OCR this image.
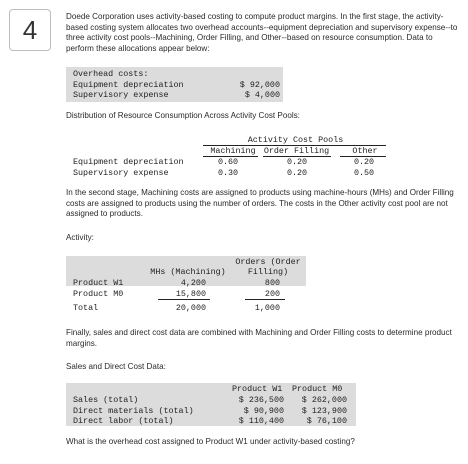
4	Doede Corporation uses activity-based costing to compute product margins. In the first stage, the activity-based costing system allocates two overhead accounts--equipment depreciation and supervisory expense--to three activity cost pools--Machining, Order Filling, and Other--based on resource consumption. Data to perform these allocations appear below:
Overhead costs:
Equipment depreciation	$ 92,000
Supervisory expense	$ 4,000
Distribution of Resource Consumption Across Activity Cost Pools:
Activity Cost Pools
Machining Order Filling	Other
Equipment depreciation	0.60	0.20	0.20
Supervisory expense	0.30	0.20	0.50
In the second stage, Machining costs are assigned to products using machine-hours (MHs) and Order Filling costs are assigned to products using the number of orders. The costs in the Other activity cost pool are not assigned to products.
Activity:
Orders (Order
MHs (Machining)	Filling)
Product W1	4,200	800
Product M0	15,800	200
Total	20,000	1,000
Finally, sales and direct cost data are combined with Machining and Order Filling costs to determine product margins.
Sales and Direct Cost Data:
Product W1 Product M0
Sales (total)	$ 236,500	$ 262,000
Direct materials (total)	$ 90,900	$ 123,900
Direct labor (total)	$ 110,400	$ 76,100
What is the overhead cost assigned to Product W1 under activity-based costing?
